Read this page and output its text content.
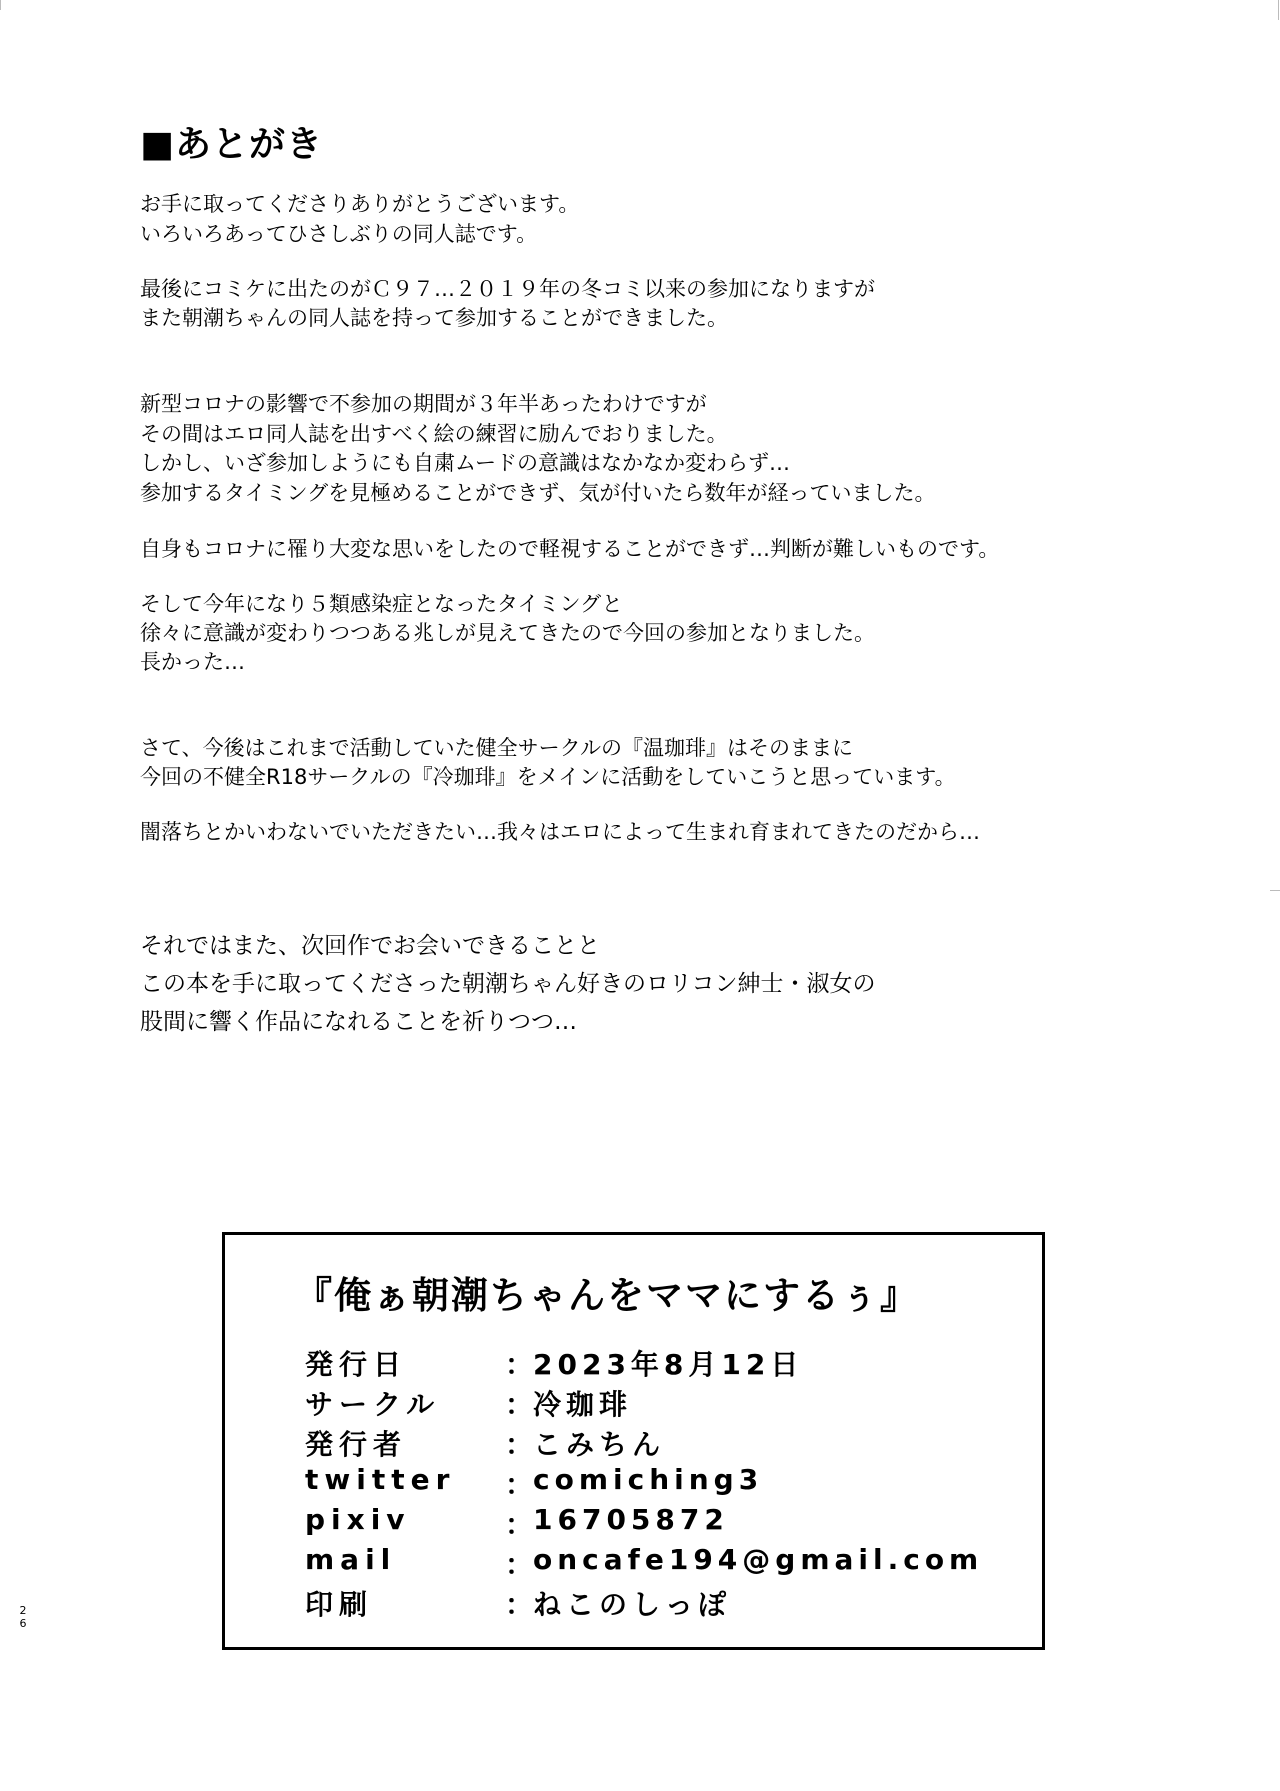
■あとがき
お手に取ってくださりありがとうございます。
いろいろあってひさしぶりの同人誌です。
最後にコミケに出たのがＣ９７…２０１９年の冬コミ以来の参加になりますが
また朝潮ちゃんの同人誌を持って参加することができました。
新型コロナの影響で不参加の期間が３年半あったわけですが
その間はエロ同人誌を出すべく絵の練習に励んでおりました。
しかし、いざ参加しようにも自粛ムードの意識はなかなか変わらず…
参加するタイミングを見極めることができず、気が付いたら数年が経っていました。
自身もコロナに罹り大変な思いをしたので軽視することができず…判断が難しいものです。
そして今年になり５類感染症となったタイミングと
徐々に意識が変わりつつある兆しが見えてきたので今回の参加となりました。
長かった…
さて、今後はこれまで活動していた健全サークルの『温珈琲』はそのままに
今回の不健全R18サークルの『冷珈琲』をメインに活動をしていこうと思っています。
闇落ちとかいわないでいただきたい…我々はエロによって生まれ育まれてきたのだから…
それではまた、次回作でお会いできることと
この本を手に取ってくださった朝潮ちゃん好きのロリコン紳士・淑女の
股間に響く作品になれることを祈りつつ…
『俺ぁ朝潮ちゃんをママにするぅ』
発行日	： 2023年8月12日
サークル ： 冷珈琲
発行者	： こみちん
twitter ： comiching3
pixiv	： 16705872
mail	： oncafe194@gmail.com
印刷	： ねこのしっぽ
26
